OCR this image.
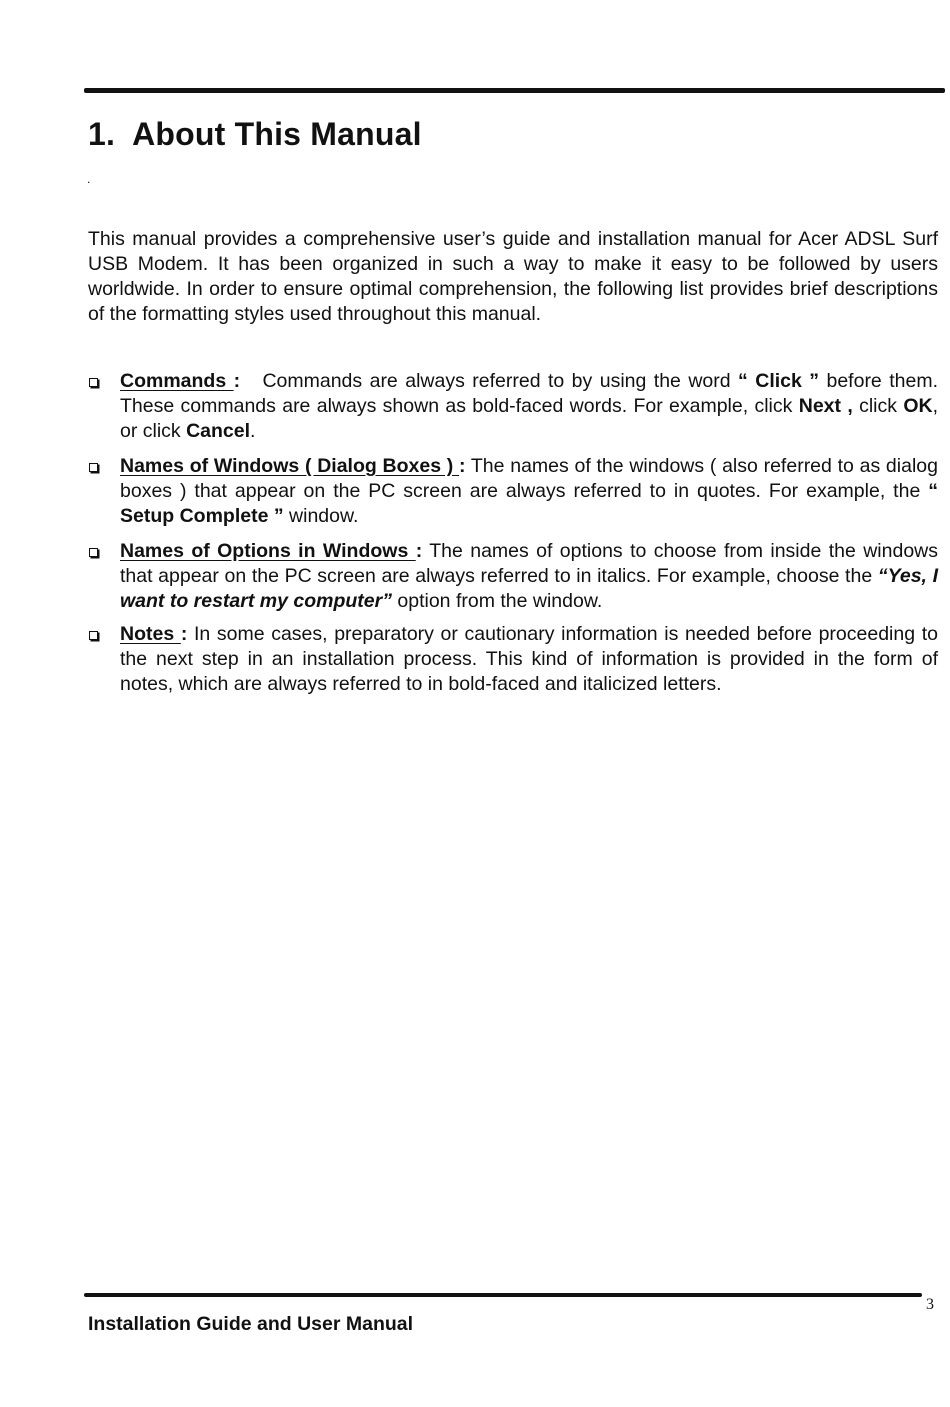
1. About This Manual
.

This manual provides a comprehensive user’s guide and installation manual for Acer ADSL Surf USB Modem. It has been organized in such a way to make it easy to be followed by users worldwide. In order to ensure optimal comprehension, the following list provides brief descriptions of the formatting styles used throughout this manual.

Commands : Commands are always referred to by using the word “ Click ” before them. These commands are always shown as bold-faced words. For example, click Next , click OK, or click Cancel.

Names of Windows ( Dialog Boxes ) : The names of the windows ( also referred to as dialog boxes ) that appear on the PC screen are always referred to in quotes. For example, the “ Setup Complete ” window.

Names of Options in Windows : The names of options to choose from inside the windows that appear on the PC screen are always referred to in italics. For example, choose the “Yes, I want to restart my computer” option from the window.

Notes : In some cases, preparatory or cautionary information is needed before proceeding to the next step in an installation process. This kind of information is provided in the form of notes, which are always referred to in bold-faced and italicized letters.

3
Installation Guide and User Manual
